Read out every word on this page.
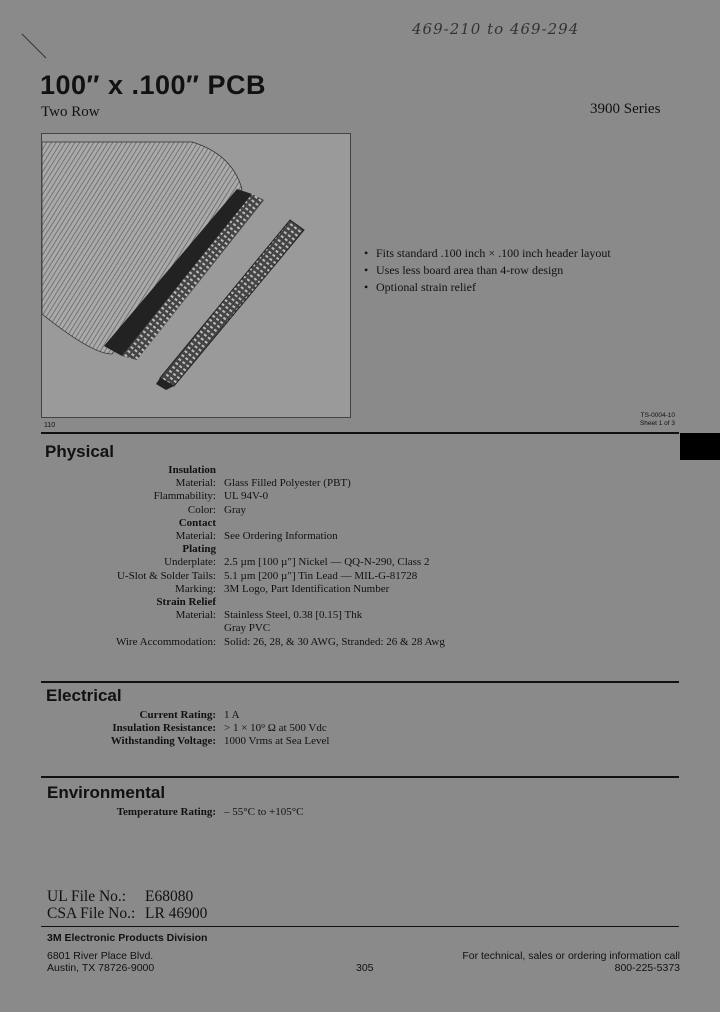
469-210 to 469-294
100″ x .100″ PCB
Two Row	3900 Series
110
• Fits standard .100 inch × .100 inch header layout
• Uses less board area than 4-row design
• Optional strain relief
TS-0004-10
Sheet 1 of 3
Physical
Insulation	
Material:	Glass Filled Polyester (PBT)
Flammability:	UL 94V-0
Color:	Gray
Contact	
Material:	See Ordering Information
Plating	
Underplate:	2.5 µm [100 µ″] Nickel — QQ-N-290, Class 2
U-Slot & Solder Tails:	5.1 µm [200 µ″] Tin Lead — MIL-G-81728
Marking:	3M Logo, Part Identification Number
Strain Relief	
Material:	Stainless Steel, 0.38 [0.15] Thk
	Gray PVC
Wire Accommodation:	Solid: 26, 28, & 30 AWG, Stranded: 26 & 28 Awg
Electrical
Current Rating:	1 A
Insulation Resistance:	> 1 × 10⁹ Ω at 500 Vdc
Withstanding Voltage:	1000 Vrms at Sea Level
Environmental
Temperature Rating:	– 55°C to +105°C
UL File No.:	E68080
CSA File No.:	LR 46900
3M Electronic Products Division
6801 River Place Blvd.
Austin, TX 78726-9000	305
For technical, sales or ordering information call
800-225-5373
